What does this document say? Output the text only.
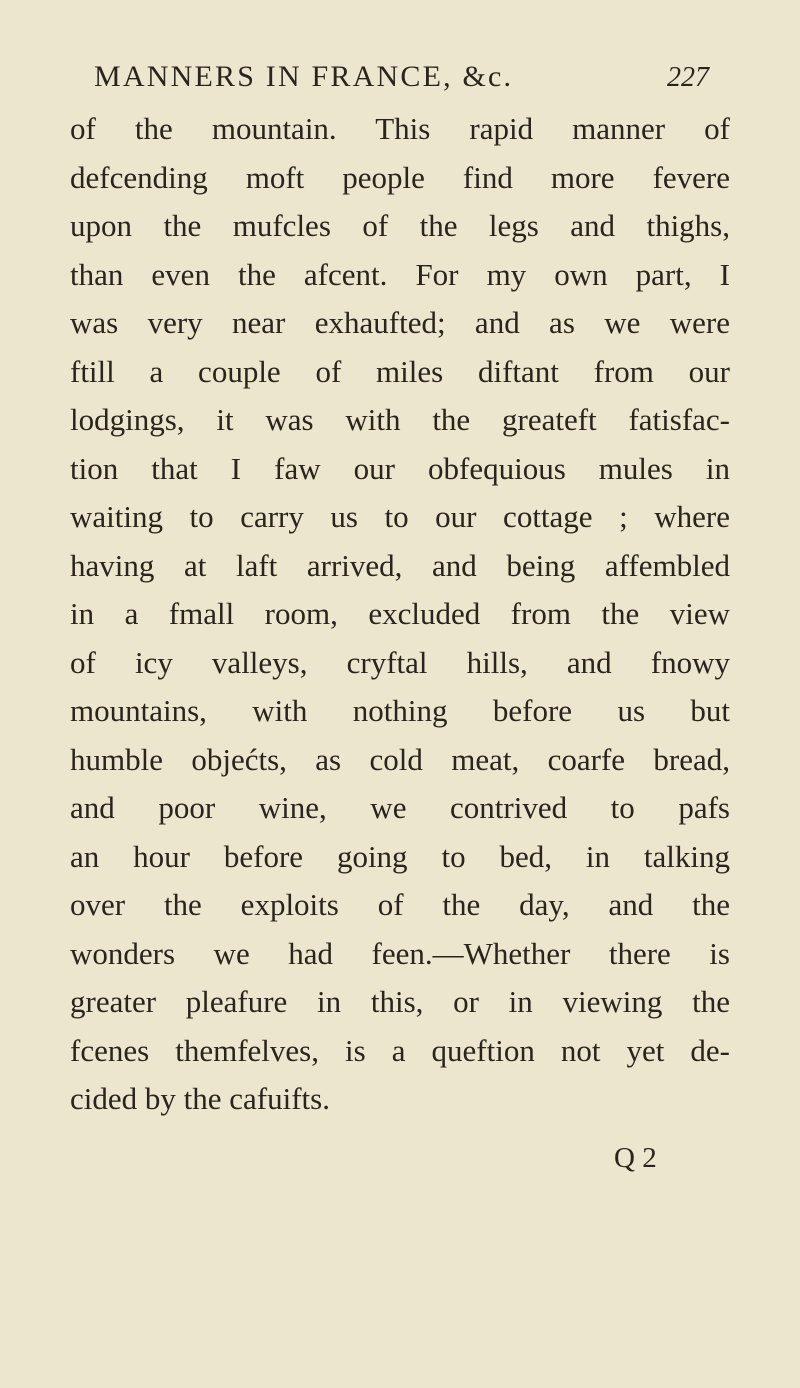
MANNERS IN FRANCE, &c.	227
of the mountain. This rapid manner of
defcending moft people find more fevere
upon the mufcles of the legs and thighs,
than even the afcent. For my own part, I
was very near exhaufted; and as we were
ftill a couple of miles diftant from our
lodgings, it was with the greateft fatisfac-
tion that I faw our obfequious mules in
waiting to carry us to our cottage ; where
having at laft arrived, and being affembled
in a fmall room, excluded from the view
of icy valleys, cryftal hills, and fnowy
mountains, with nothing before us but
humble objećts, as cold meat, coarfe bread,
and poor wine, we contrived to pafs
an hour before going to bed, in talking
over the exploits of the day, and the
wonders we had feen.—Whether there is
greater pleafure in this, or in viewing the
fcenes themfelves, is a queftion not yet de-
cided by the cafuifts.
Q 2
